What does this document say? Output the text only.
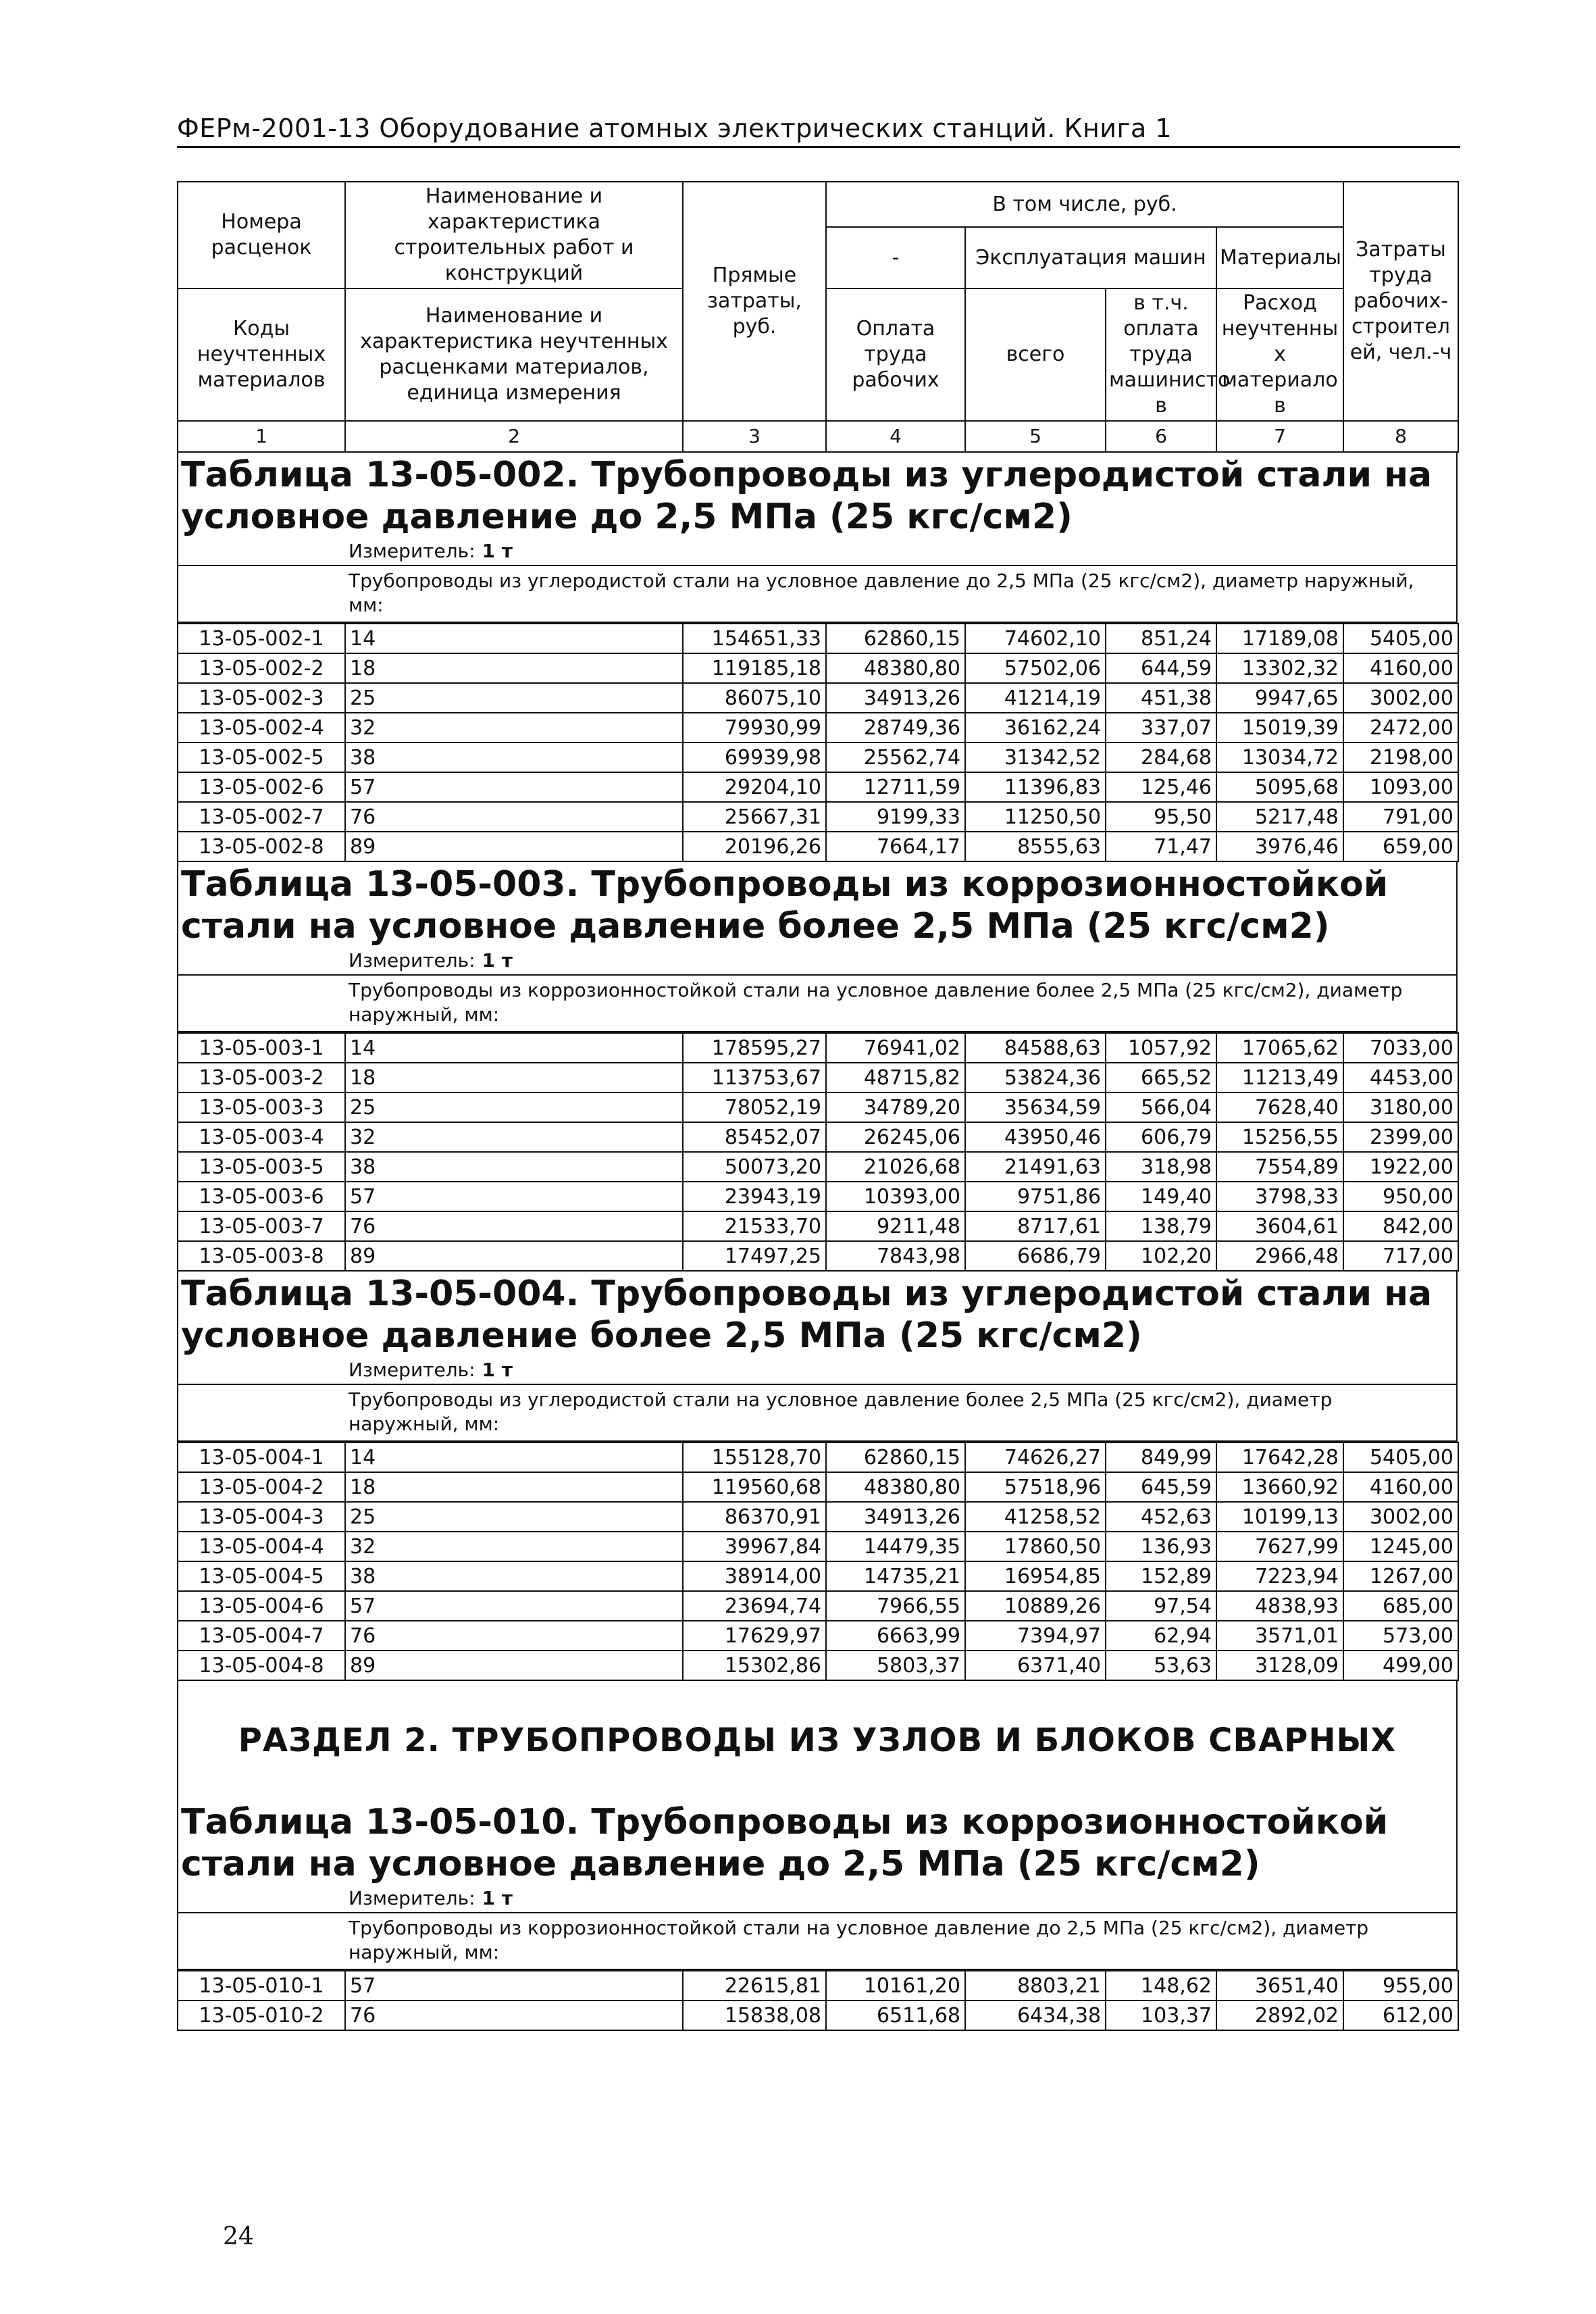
ФЕРм-2001-13 Оборудование атомных электрических станций. Книга 1
Номера расценок	Наименование и характеристика строительных работ и конструкций	Прямые затраты, руб.	В том числе, руб.				Затраты труда рабочих-строител ей, чел.-ч
			-	Эксплуатация машин		Материалы	
Коды неучтенных материалов	Наименование и характеристика неучтенных расценками материалов, единица измерения		Оплата труда рабочих	всего	в т.ч. оплата труда машинисто в	Расход неучтенны х материало в	

1	2	3	4	5	6	7	8
Таблица 13-05-002. Трубопроводы из углеродистой стали на условное давление до 2,5 МПа (25 кгс/см2)
Измеритель: 1 т
Трубопроводы из углеродистой стали на условное давление до 2,5 МПа (25 кгс/см2), диаметр наружный, мм:
13-05-002-1	14	154651,33	62860,15	74602,10	851,24	17189,08	5405,00
13-05-002-2	18	119185,18	48380,80	57502,06	644,59	13302,32	4160,00
13-05-002-3	25	86075,10	34913,26	41214,19	451,38	9947,65	3002,00
13-05-002-4	32	79930,99	28749,36	36162,24	337,07	15019,39	2472,00
13-05-002-5	38	69939,98	25562,74	31342,52	284,68	13034,72	2198,00
13-05-002-6	57	29204,10	12711,59	11396,83	125,46	5095,68	1093,00
13-05-002-7	76	25667,31	9199,33	11250,50	95,50	5217,48	791,00
13-05-002-8	89	20196,26	7664,17	8555,63	71,47	3976,46	659,00
Таблица 13-05-003. Трубопроводы из коррозионностойкой стали на условное давление более 2,5 МПа (25 кгс/см2)
Измеритель: 1 т
Трубопроводы из коррозионностойкой стали на условное давление более 2,5 МПа (25 кгс/см2), диаметр наружный, мм:
13-05-003-1	14	178595,27	76941,02	84588,63	1057,92	17065,62	7033,00
13-05-003-2	18	113753,67	48715,82	53824,36	665,52	11213,49	4453,00
13-05-003-3	25	78052,19	34789,20	35634,59	566,04	7628,40	3180,00
13-05-003-4	32	85452,07	26245,06	43950,46	606,79	15256,55	2399,00
13-05-003-5	38	50073,20	21026,68	21491,63	318,98	7554,89	1922,00
13-05-003-6	57	23943,19	10393,00	9751,86	149,40	3798,33	950,00
13-05-003-7	76	21533,70	9211,48	8717,61	138,79	3604,61	842,00
13-05-003-8	89	17497,25	7843,98	6686,79	102,20	2966,48	717,00
Таблица 13-05-004. Трубопроводы из углеродистой стали на условное давление более 2,5 МПа (25 кгс/см2)
Измеритель: 1 т
Трубопроводы из углеродистой стали на условное давление более 2,5 МПа (25 кгс/см2), диаметр наружный, мм:
13-05-004-1	14	155128,70	62860,15	74626,27	849,99	17642,28	5405,00
13-05-004-2	18	119560,68	48380,80	57518,96	645,59	13660,92	4160,00
13-05-004-3	25	86370,91	34913,26	41258,52	452,63	10199,13	3002,00
13-05-004-4	32	39967,84	14479,35	17860,50	136,93	7627,99	1245,00
13-05-004-5	38	38914,00	14735,21	16954,85	152,89	7223,94	1267,00
13-05-004-6	57	23694,74	7966,55	10889,26	97,54	4838,93	685,00
13-05-004-7	76	17629,97	6663,99	7394,97	62,94	3571,01	573,00
13-05-004-8	89	15302,86	5803,37	6371,40	53,63	3128,09	499,00
РАЗДЕЛ 2. ТРУБОПРОВОДЫ ИЗ УЗЛОВ И БЛОКОВ СВАРНЫХ
Таблица 13-05-010. Трубопроводы из коррозионностойкой стали на условное давление до 2,5 МПа (25 кгс/см2)
Измеритель: 1 т
Трубопроводы из коррозионностойкой стали на условное давление до 2,5 МПа (25 кгс/см2), диаметр наружный, мм:
13-05-010-1	57	22615,81	10161,20	8803,21	148,62	3651,40	955,00
13-05-010-2	76	15838,08	6511,68	6434,38	103,37	2892,02	612,00
24
